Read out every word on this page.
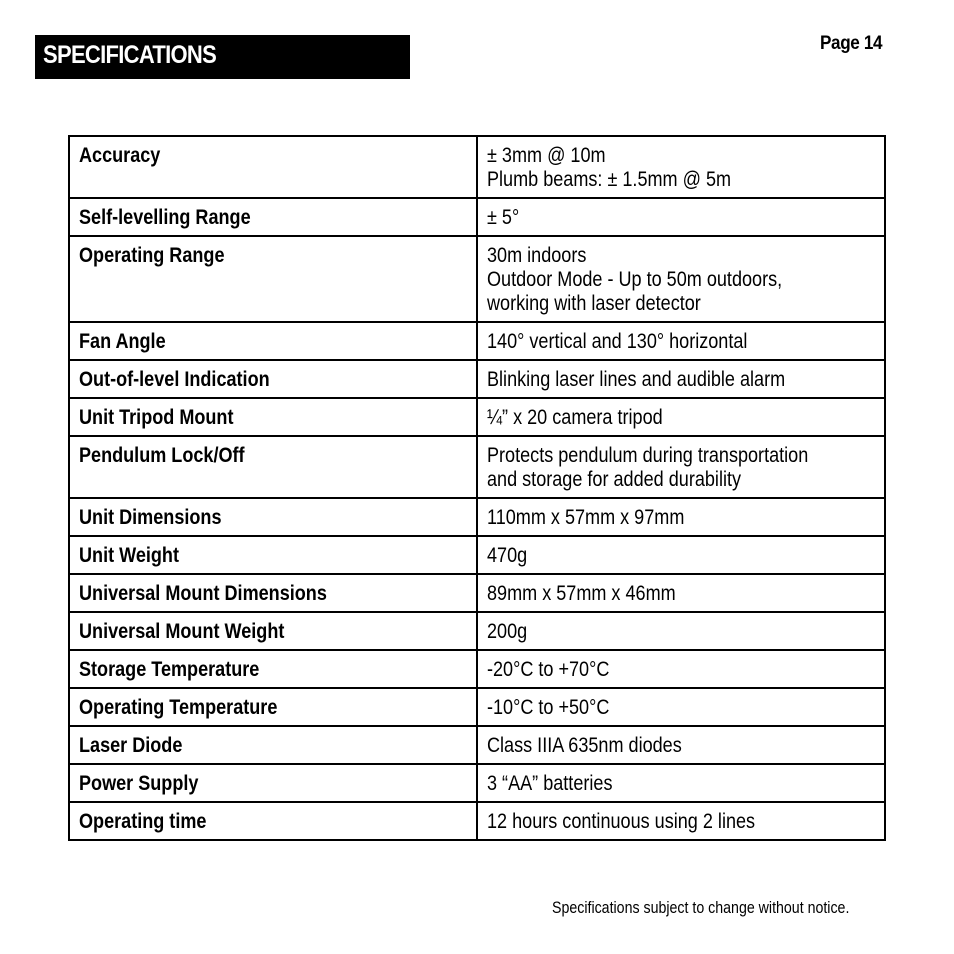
SPECIFICATIONS	Page 14
Accuracy	± 3mm @ 10m
Plumb beams: ± 1.5mm @ 5m

Self-levelling Range	± 5°

Operating Range	30m indoors
Outdoor Mode - Up to 50m outdoors,
working with laser detector

Fan Angle	140° vertical and 130° horizontal

Out-of-level Indication	Blinking laser lines and audible alarm

Unit Tripod Mount	¼” x 20 camera tripod

Pendulum Lock/Off	Protects pendulum during transportation
and storage for added durability

Unit Dimensions	110mm x 57mm x 97mm

Unit Weight	470g

Universal Mount Dimensions	89mm x 57mm x 46mm

Universal Mount Weight	200g

Storage Temperature	-20°C to +70°C

Operating Temperature	-10°C to +50°C

Laser Diode	Class IIIA 635nm diodes

Power Supply	3 “AA” batteries

Operating time	12 hours continuous using 2 lines
Specifications subject to change without notice.
